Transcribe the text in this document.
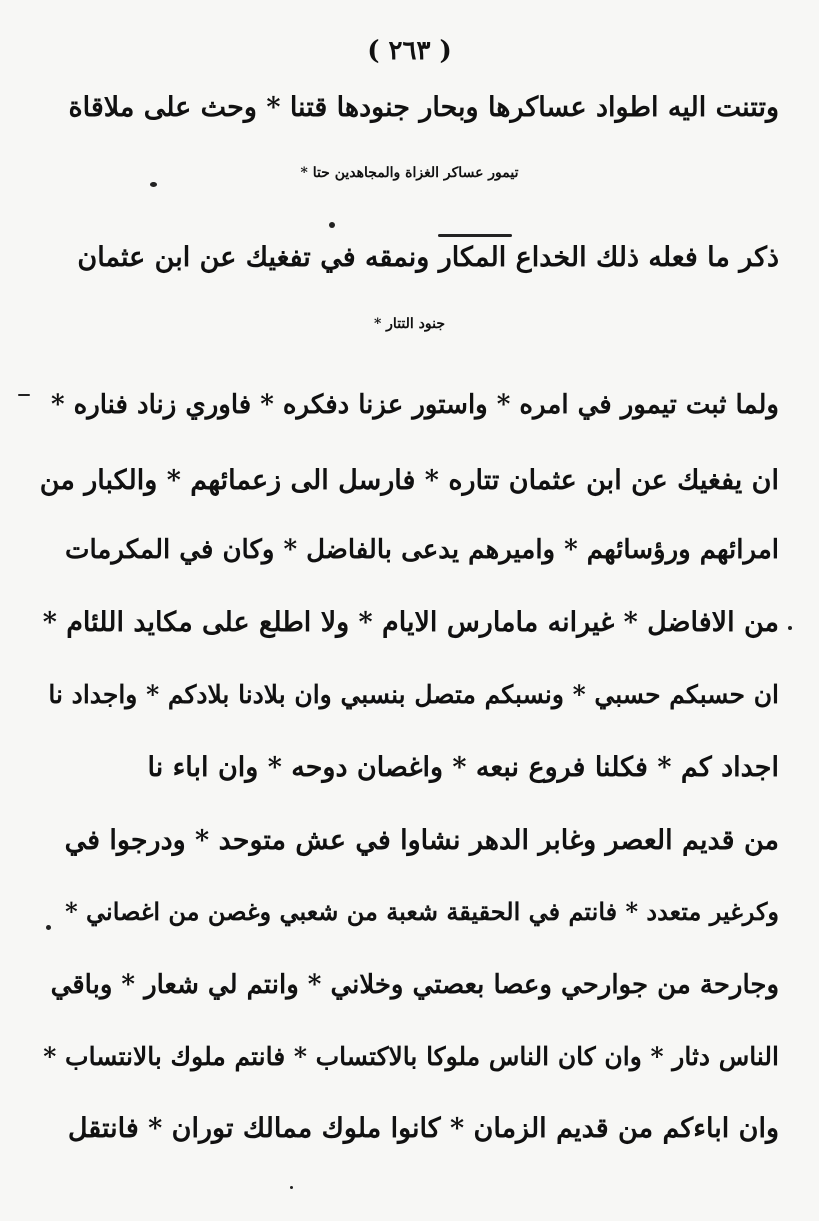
( ٢٦٣ )
وتتنت اليه اطواد عساكرها وبحار جنودها قتنا * وحث على ملاقاة
تيمور عساكر الغزاة والمجاهدين حتا *
ذكر ما فعله ذلك الخداع المكار ونمقه في تفغيك عن ابن عثمان
جنود التتار *
ولما ثبت تيمور في امره * واستور عزنا دفكره * فاوري زناد فناره *
ان يفغيك عن ابن عثمان تتاره * فارسل الى زعمائهم * والكبار من
امرائهم ورؤسائهم * واميرهم يدعى بالفاضل * وكان في المكرمات
من الافاضل * غيرانه مامارس الايام * ولا اطلع على مكايد اللئام *
ان حسبكم حسبي * ونسبكم متصل بنسبي وان بلادنا بلادكم * واجداد نا
اجداد كم * فكلنا فروع نبعه * واغصان دوحه * وان اباء نا
من قديم العصر وغابر الدهر نشاوا في عش متوحد * ودرجوا في
وكرغير متعدد * فانتم في الحقيقة شعبة من شعبي وغصن من اغصاني *
وجارحة من جوارحي وعصا بعصتي وخلاني * وانتم لي شعار * وباقي
الناس دثار * وان كان الناس ملوكا بالاكتساب * فانتم ملوك بالانتساب *
وان اباءكم من قديم الزمان * كانوا ملوك ممالك توران * فانتقل
